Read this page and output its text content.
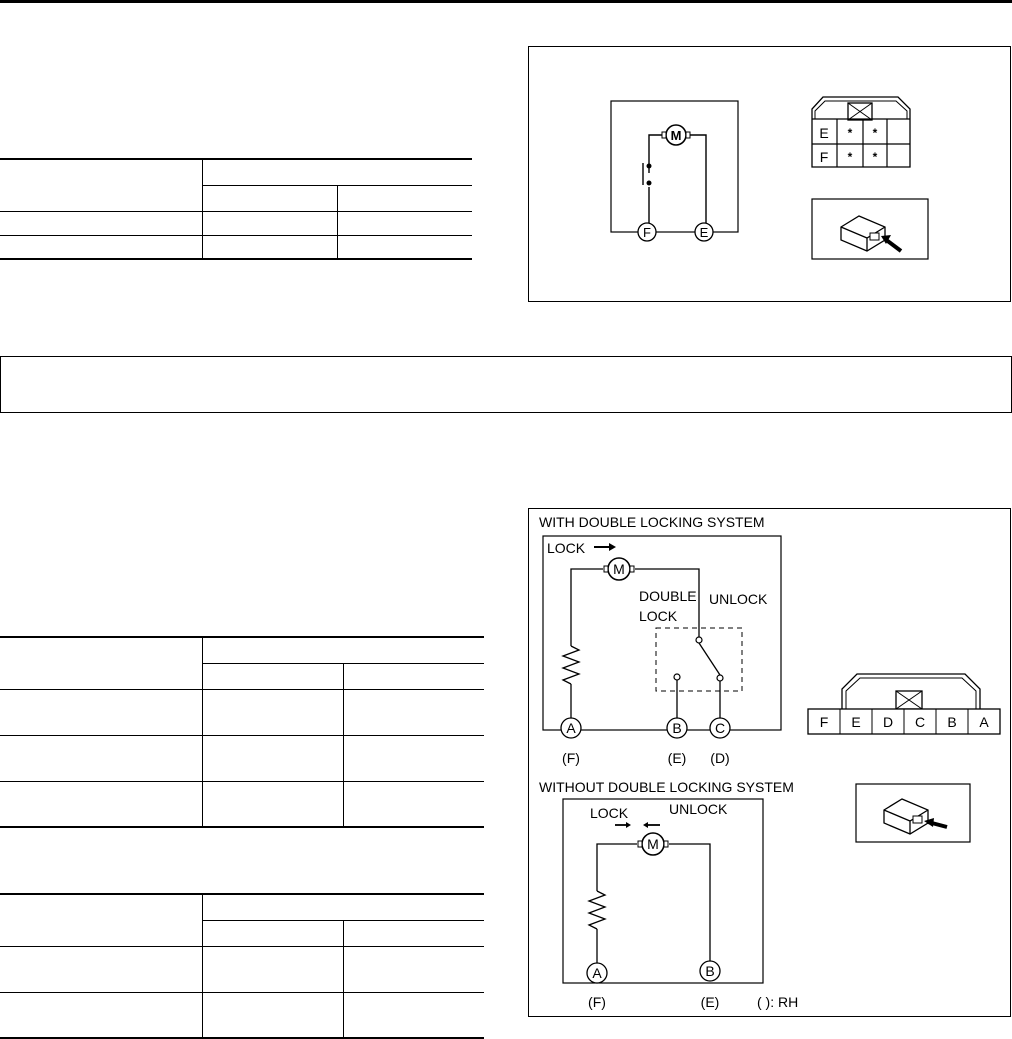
M
F	E
E
F
* *
* *

WITH DOUBLE LOCKING SYSTEM
LOCK
M
DOUBLE
LOCK
UNLOCK
A	B C
(F)	(E) (D)
F E D C B A
WITHOUT DOUBLE LOCKING SYSTEM
LOCK	UNLOCK
M
A	B
(F)	(E)	( ): RH
